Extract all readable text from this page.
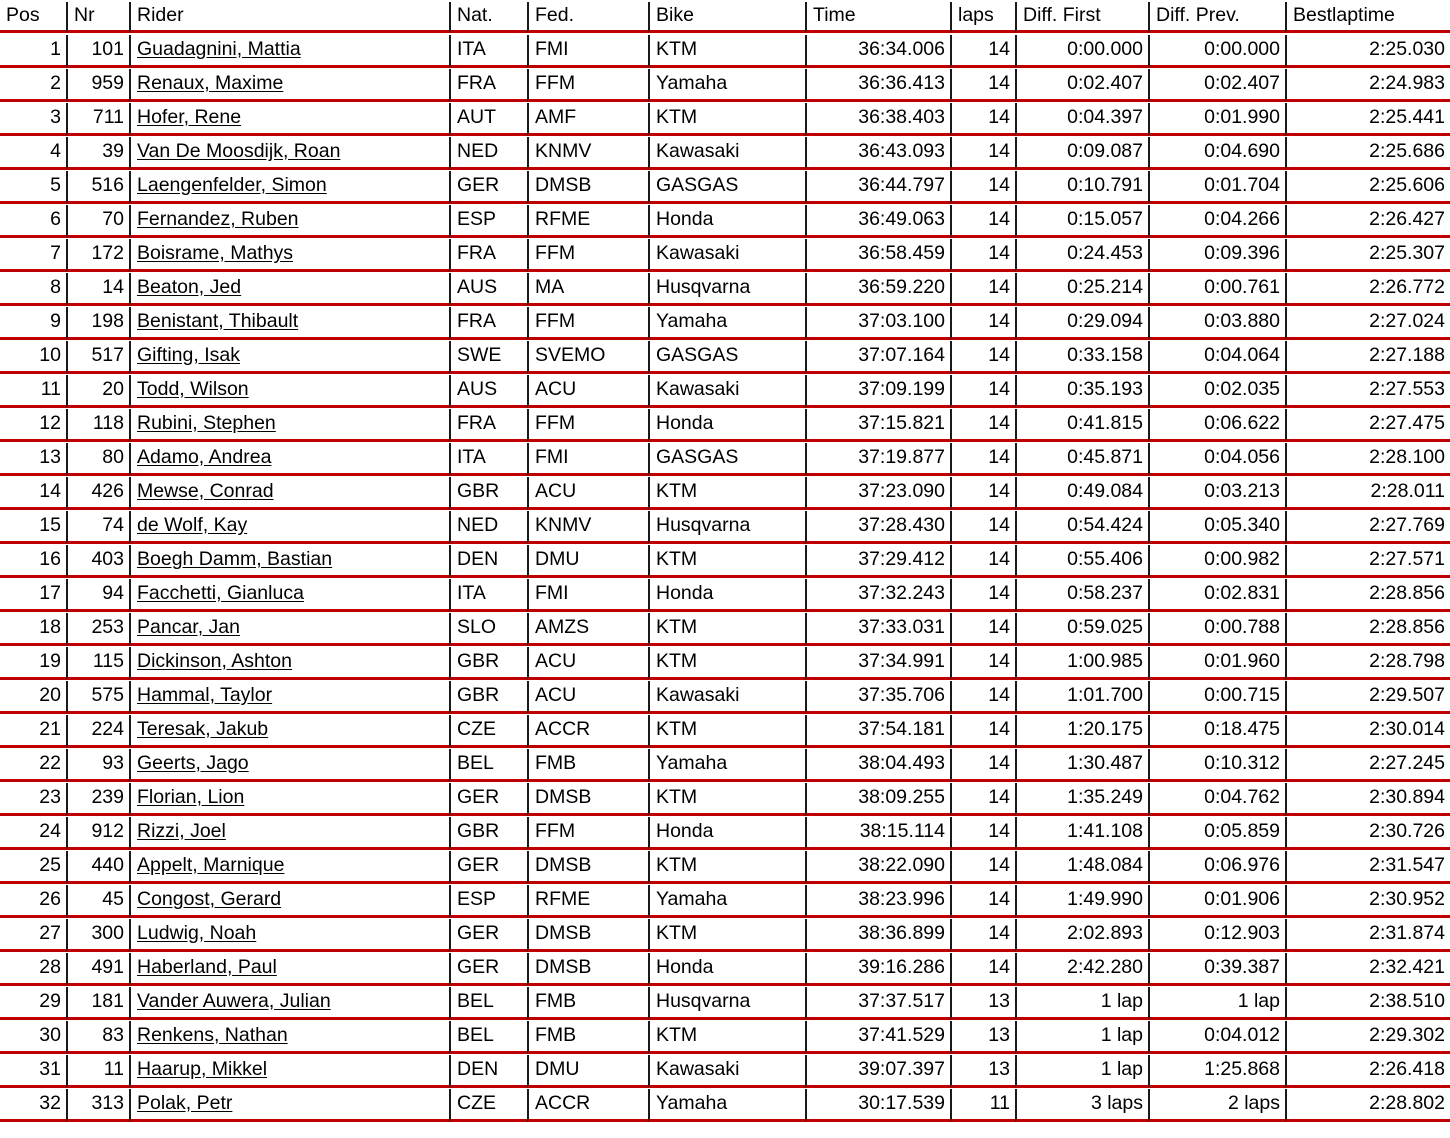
Pos	Nr	Rider	Nat.	Fed.	Bike	Time	laps	Diff. First	Diff. Prev.	Bestlaptime

1	101	Guadagnini, Mattia	ITA	FMI	KTM	36:34.006	14	0:00.000	0:00.000	2:25.030

2	959	Renaux, Maxime	FRA	FFM	Yamaha	36:36.413	14	0:02.407	0:02.407	2:24.983

3	711	Hofer, Rene	AUT	AMF	KTM	36:38.403	14	0:04.397	0:01.990	2:25.441

4	39	Van De Moosdijk, Roan	NED	KNMV	Kawasaki	36:43.093	14	0:09.087	0:04.690	2:25.686

5	516	Laengenfelder, Simon	GER	DMSB	GASGAS	36:44.797	14	0:10.791	0:01.704	2:25.606

6	70	Fernandez, Ruben	ESP	RFME	Honda	36:49.063	14	0:15.057	0:04.266	2:26.427

7	172	Boisrame, Mathys	FRA	FFM	Kawasaki	36:58.459	14	0:24.453	0:09.396	2:25.307

8	14	Beaton, Jed	AUS	MA	Husqvarna	36:59.220	14	0:25.214	0:00.761	2:26.772

9	198	Benistant, Thibault	FRA	FFM	Yamaha	37:03.100	14	0:29.094	0:03.880	2:27.024

10	517	Gifting, Isak	SWE	SVEMO	GASGAS	37:07.164	14	0:33.158	0:04.064	2:27.188

11	20	Todd, Wilson	AUS	ACU	Kawasaki	37:09.199	14	0:35.193	0:02.035	2:27.553

12	118	Rubini, Stephen	FRA	FFM	Honda	37:15.821	14	0:41.815	0:06.622	2:27.475

13	80	Adamo, Andrea	ITA	FMI	GASGAS	37:19.877	14	0:45.871	0:04.056	2:28.100

14	426	Mewse, Conrad	GBR	ACU	KTM	37:23.090	14	0:49.084	0:03.213	2:28.011

15	74	de Wolf, Kay	NED	KNMV	Husqvarna	37:28.430	14	0:54.424	0:05.340	2:27.769

16	403	Boegh Damm, Bastian	DEN	DMU	KTM	37:29.412	14	0:55.406	0:00.982	2:27.571

17	94	Facchetti, Gianluca	ITA	FMI	Honda	37:32.243	14	0:58.237	0:02.831	2:28.856

18	253	Pancar, Jan	SLO	AMZS	KTM	37:33.031	14	0:59.025	0:00.788	2:28.856

19	115	Dickinson, Ashton	GBR	ACU	KTM	37:34.991	14	1:00.985	0:01.960	2:28.798

20	575	Hammal, Taylor	GBR	ACU	Kawasaki	37:35.706	14	1:01.700	0:00.715	2:29.507

21	224	Teresak, Jakub	CZE	ACCR	KTM	37:54.181	14	1:20.175	0:18.475	2:30.014

22	93	Geerts, Jago	BEL	FMB	Yamaha	38:04.493	14	1:30.487	0:10.312	2:27.245

23	239	Florian, Lion	GER	DMSB	KTM	38:09.255	14	1:35.249	0:04.762	2:30.894

24	912	Rizzi, Joel	GBR	FFM	Honda	38:15.114	14	1:41.108	0:05.859	2:30.726

25	440	Appelt, Marnique	GER	DMSB	KTM	38:22.090	14	1:48.084	0:06.976	2:31.547

26	45	Congost, Gerard	ESP	RFME	Yamaha	38:23.996	14	1:49.990	0:01.906	2:30.952

27	300	Ludwig, Noah	GER	DMSB	KTM	38:36.899	14	2:02.893	0:12.903	2:31.874

28	491	Haberland, Paul	GER	DMSB	Honda	39:16.286	14	2:42.280	0:39.387	2:32.421

29	181	Vander Auwera, Julian	BEL	FMB	Husqvarna	37:37.517	13	1 lap	1 lap	2:38.510

30	83	Renkens, Nathan	BEL	FMB	KTM	37:41.529	13	1 lap	0:04.012	2:29.302

31	11	Haarup, Mikkel	DEN	DMU	Kawasaki	39:07.397	13	1 lap	1:25.868	2:26.418

32	313	Polak, Petr	CZE	ACCR	Yamaha	30:17.539	11	3 laps	2 laps	2:28.802
